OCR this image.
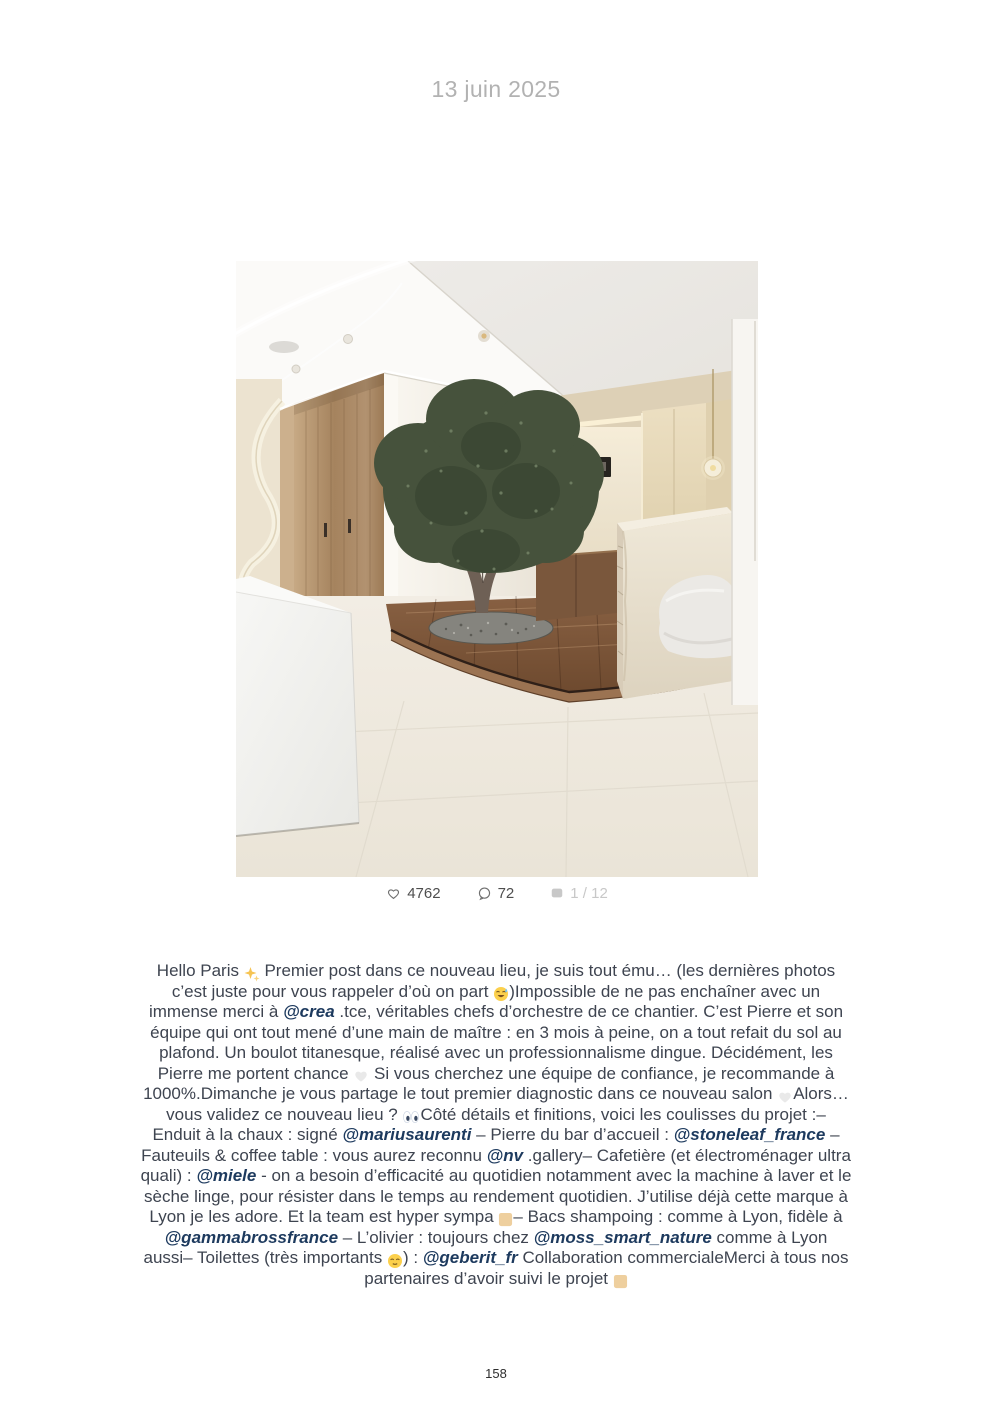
13 juin 2025
4762	72	1 / 12
Hello Paris  Premier post dans ce nouveau lieu, je suis tout ému… (les dernières photos c’est juste pour vous rappeler d’où on part )Impossible de ne pas enchaîner avec un immense merci à @crea .tce, véritables chefs d’orchestre de ce chantier. C’est Pierre et son équipe qui ont tout mené d’une main de maître : en 3 mois à peine, on a tout refait du sol au plafond. Un boulot titanesque, réalisé avec un professionnalisme dingue. Décidément, les Pierre me portent chance  Si vous cherchez une équipe de confiance, je recommande à 1000%.Dimanche je vous partage le tout premier diagnostic dans ce nouveau salon Alors… vous validez ce nouveau lieu ? Côté détails et finitions, voici les coulisses du projet :– Enduit à la chaux : signé @mariusaurenti – Pierre du bar d’accueil : @stoneleaf_france – Fauteuils & coffee table : vous aurez reconnu @nv .gallery– Cafetière (et électroménager ultra quali) : @miele - on a besoin d’efficacité au quotidien notamment avec la machine à laver et le sèche linge, pour résister dans le temps au rendement quotidien. J’utilise déjà cette marque à Lyon je les adore. Et la team est hyper sympa – Bacs shampoing : comme à Lyon, fidèle à @gammabrossfrance – L’olivier : toujours chez @moss_smart_nature comme à Lyon aussi– Toilettes (très importants ) : @geberit_fr Collaboration commercialeMerci à tous nos partenaires d’avoir suivi le projet
158
